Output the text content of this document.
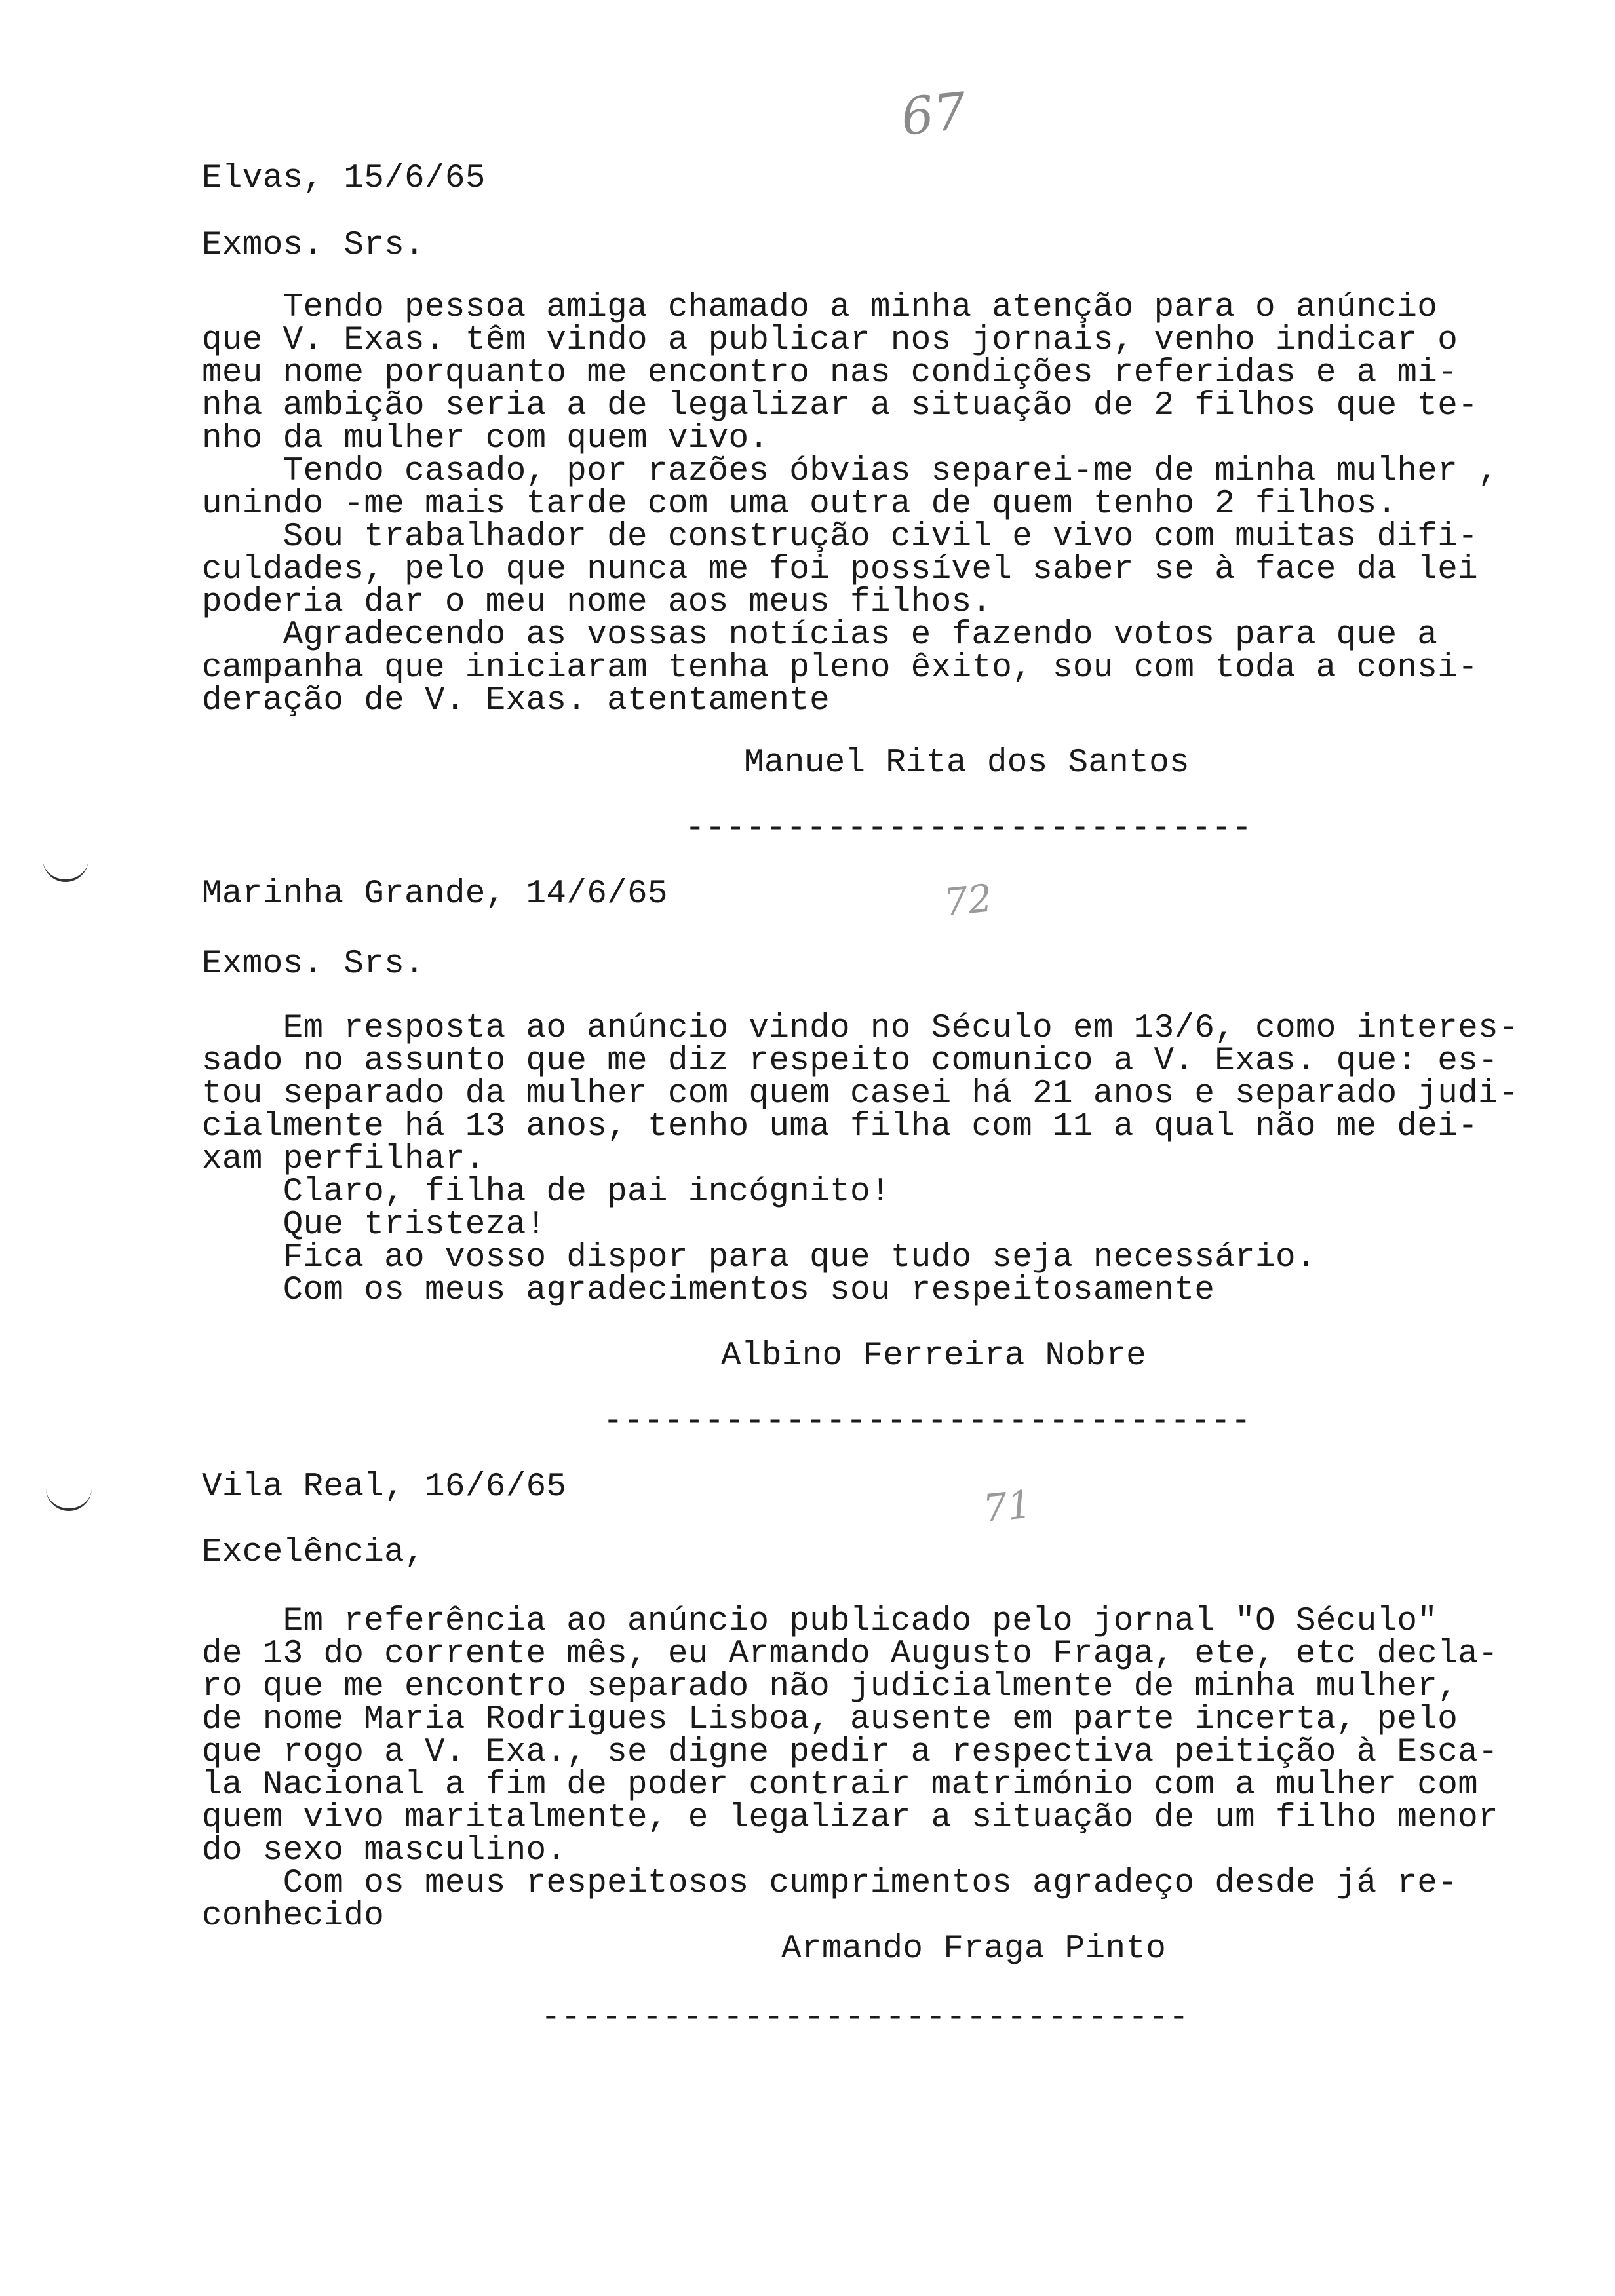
67
Elvas, 15/6/65
Exmos. Srs.
Tendo pessoa amiga chamado a minha atenção para o anúncio
que V. Exas. têm vindo a publicar nos jornais, venho indicar o
meu nome porquanto me encontro nas condições referidas e a mi-
nha ambição seria a de legalizar a situação de 2 filhos que te-
nho da mulher com quem vivo.
Tendo casado, por razões óbvias separei-me de minha mulher ,
unindo -me mais tarde com uma outra de quem tenho 2 filhos.
Sou trabalhador de construção civil e vivo com muitas difi-
culdades, pelo que nunca me foi possível saber se à face da lei
poderia dar o meu nome aos meus filhos.
Agradecendo as vossas notícias e fazendo votos para que a
campanha que iniciaram tenha pleno êxito, sou com toda a consi-
deração de V. Exas. atentamente
Manuel Rita dos Santos
----------------------------
Marinha Grande, 14/6/65	72
Exmos. Srs.
Em resposta ao anúncio vindo no Século em 13/6, como interes-
sado no assunto que me diz respeito comunico a V. Exas. que: es-
tou separado da mulher com quem casei há 21 anos e separado judi-
cialmente há 13 anos, tenho uma filha com 11 a qual não me dei-
xam perfilhar.
Claro, filha de pai incógnito!
Que tristeza!
Fica ao vosso dispor para que tudo seja necessário.
Com os meus agradecimentos sou respeitosamente
Albino Ferreira Nobre
--------------------------------
Vila Real, 16/6/65	71
Excelência,
Em referência ao anúncio publicado pelo jornal "O Século"
de 13 do corrente mês, eu Armando Augusto Fraga, ete, etc decla-
ro que me encontro separado não judicialmente de minha mulher,
de nome Maria Rodrigues Lisboa, ausente em parte incerta, pelo
que rogo a V. Exa., se digne pedir a respectiva peitição à Esca-
la Nacional a fim de poder contrair matrimónio com a mulher com
quem vivo maritalmente, e legalizar a situação de um filho menor
do sexo masculino.
Com os meus respeitosos cumprimentos agradeço desde já re-
conhecido
Armando Fraga Pinto
--------------------------------
